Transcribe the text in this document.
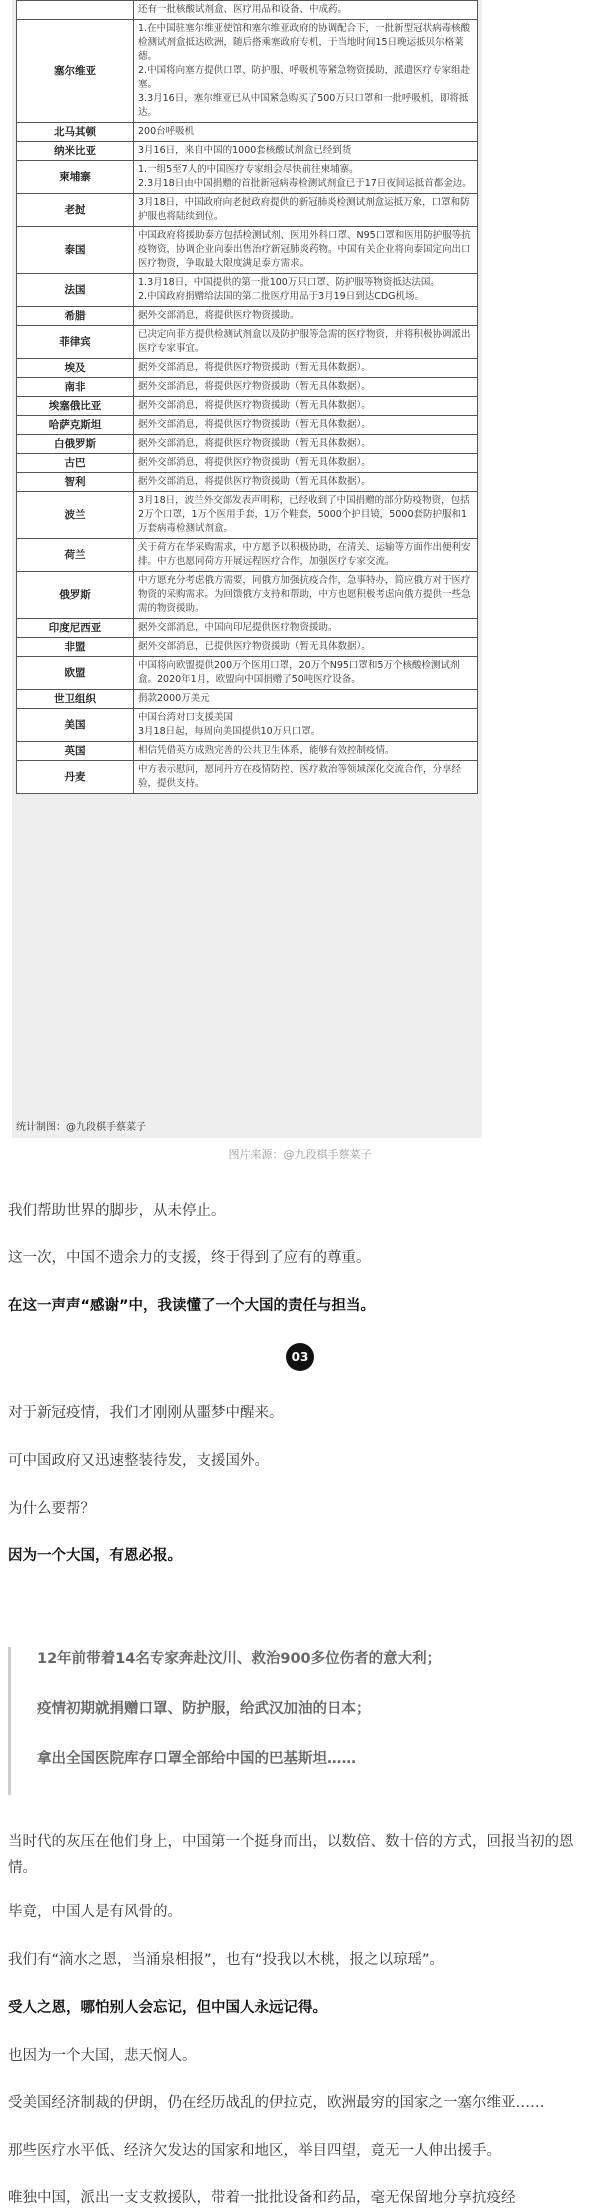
	还有一批核酸试剂盒、医疗用品和设备、中成药。

塞尔维亚	1.在中国驻塞尔维亚使馆和塞尔维亚政府的协调配合下，一批新型冠状病毒核酸检测试剂盒抵达欧洲，随后搭乘塞政府专机，于当地时间15日晚运抵贝尔格莱德。
2.中国将向塞方提供口罩、防护服、呼吸机等紧急物资援助，派遣医疗专家组赴塞。
3.3月16日，塞尔维亚已从中国紧急购买了500万只口罩和一批呼吸机，即将抵达。

北马其顿	200台呼吸机

纳米比亚	3月16日，来自中国的1000套核酸试剂盒已经到货

柬埔寨	1.一组5至7人的中国医疗专家组会尽快前往柬埔寨。
2.3月18日由中国捐赠的首批新冠病毒检测试剂盒已于17日夜间运抵首都金边。

老挝	3月18日，中国政府向老挝政府提供的新冠肺炎检测试剂盒运抵万象，口罩和防护服也将陆续到位。

泰国	中国政府将援助泰方包括检测试剂、医用外科口罩、N95口罩和医用防护服等抗疫物资，协调企业向泰出售治疗新冠肺炎药物。中国有关企业将向泰国定向出口医疗物资，争取最大限度满足泰方需求。

法国	1.3月18日，中国提供的第一批100万只口罩、防护服等物资抵达法国。
2.中国政府捐赠给法国的第二批医疗用品于3月19日到达CDG机场。

希腊	据外交部消息，将提供医疗物资援助。

菲律宾	已决定向菲方提供检测试剂盒以及防护服等急需的医疗物资，并将积极协调派出医疗专家事宜。

埃及	据外交部消息，将提供医疗物资援助（暂无具体数据）。

南非	据外交部消息，将提供医疗物资援助（暂无具体数据）。

埃塞俄比亚	据外交部消息，将提供医疗物资援助（暂无具体数据）。

哈萨克斯坦	据外交部消息，将提供医疗物资援助（暂无具体数据）。

白俄罗斯	据外交部消息，将提供医疗物资援助（暂无具体数据）。

古巴	据外交部消息，将提供医疗物资援助（暂无具体数据）。

智利	据外交部消息，将提供医疗物资援助（暂无具体数据）。

波兰	3月18日，波兰外交部发表声明称，已经收到了中国捐赠的部分防疫物资，包括2万个口罩，1万个医用手套，1万个鞋套，5000个护目镜，5000套防护服和1万套病毒检测试剂盒。

荷兰	关于荷方在华采购需求，中方愿予以积极协助，在清关、运输等方面作出便利安排。中方也愿同荷方开展远程医疗合作，加强医疗专家交流。

俄罗斯	中方愿充分考虑俄方需要，同俄方加强抗疫合作，急事特办，简应俄方对于医疗物资的采购需求。为回馈俄方支持和帮助，中方也愿积极考虑向俄方提供一些急需的物资援助。

印度尼西亚	据外交部消息，中国向印尼提供医疗物资援助。

非盟	据外交部消息，已提供医疗物资援助（暂无具体数据）。

欧盟	中国将向欧盟提供200万个医用口罩，20万个N95口罩和5万个核酸检测试剂盒。2020年1月，欧盟向中国捐赠了50吨医疗设备。

世卫组织	捐款2000万美元

美国	中国台湾对口支援美国
3月18日起，每周向美国提供10万只口罩。

英国	相信凭借英方成熟完善的公共卫生体系，能够有效控制疫情。

丹麦	中方表示慰问，愿同丹方在疫情防控、医疗救治等领域深化交流合作，分享经验，提供支持。
统计制图：@九段棋手蔡菜子
图片来源：@九段棋手蔡菜子

我们帮助世界的脚步，从未停止。

这一次，中国不遗余力的支援，终于得到了应有的尊重。

在这一声声“感谢”中，我读懂了一个大国的责任与担当。

03

对于新冠疫情，我们才刚刚从噩梦中醒来。

可中国政府又迅速整装待发，支援国外。

为什么要帮？

因为一个大国，有恩必报。

12年前带着14名专家奔赴汶川、救治900多位伤者的意大利；

疫情初期就捐赠口罩、防护服，给武汉加油的日本；

拿出全国医院库存口罩全部给中国的巴基斯坦……

当时代的灰压在他们身上，中国第一个挺身而出，以数倍、数十倍的方式，回报当初的恩情。

毕竟，中国人是有风骨的。

我们有“滴水之恩，当涌泉相报”，也有“投我以木桃，报之以琼瑶”。

受人之恩，哪怕别人会忘记，但中国人永远记得。

也因为一个大国，悲天悯人。

受美国经济制裁的伊朗，仍在经历战乱的伊拉克，欧洲最穷的国家之一塞尔维亚……

那些医疗水平低、经济欠发达的国家和地区，举目四望，竟无一人伸出援手。

唯独中国，派出一支支救援队，带着一批批设备和药品，毫无保留地分享抗疫经
